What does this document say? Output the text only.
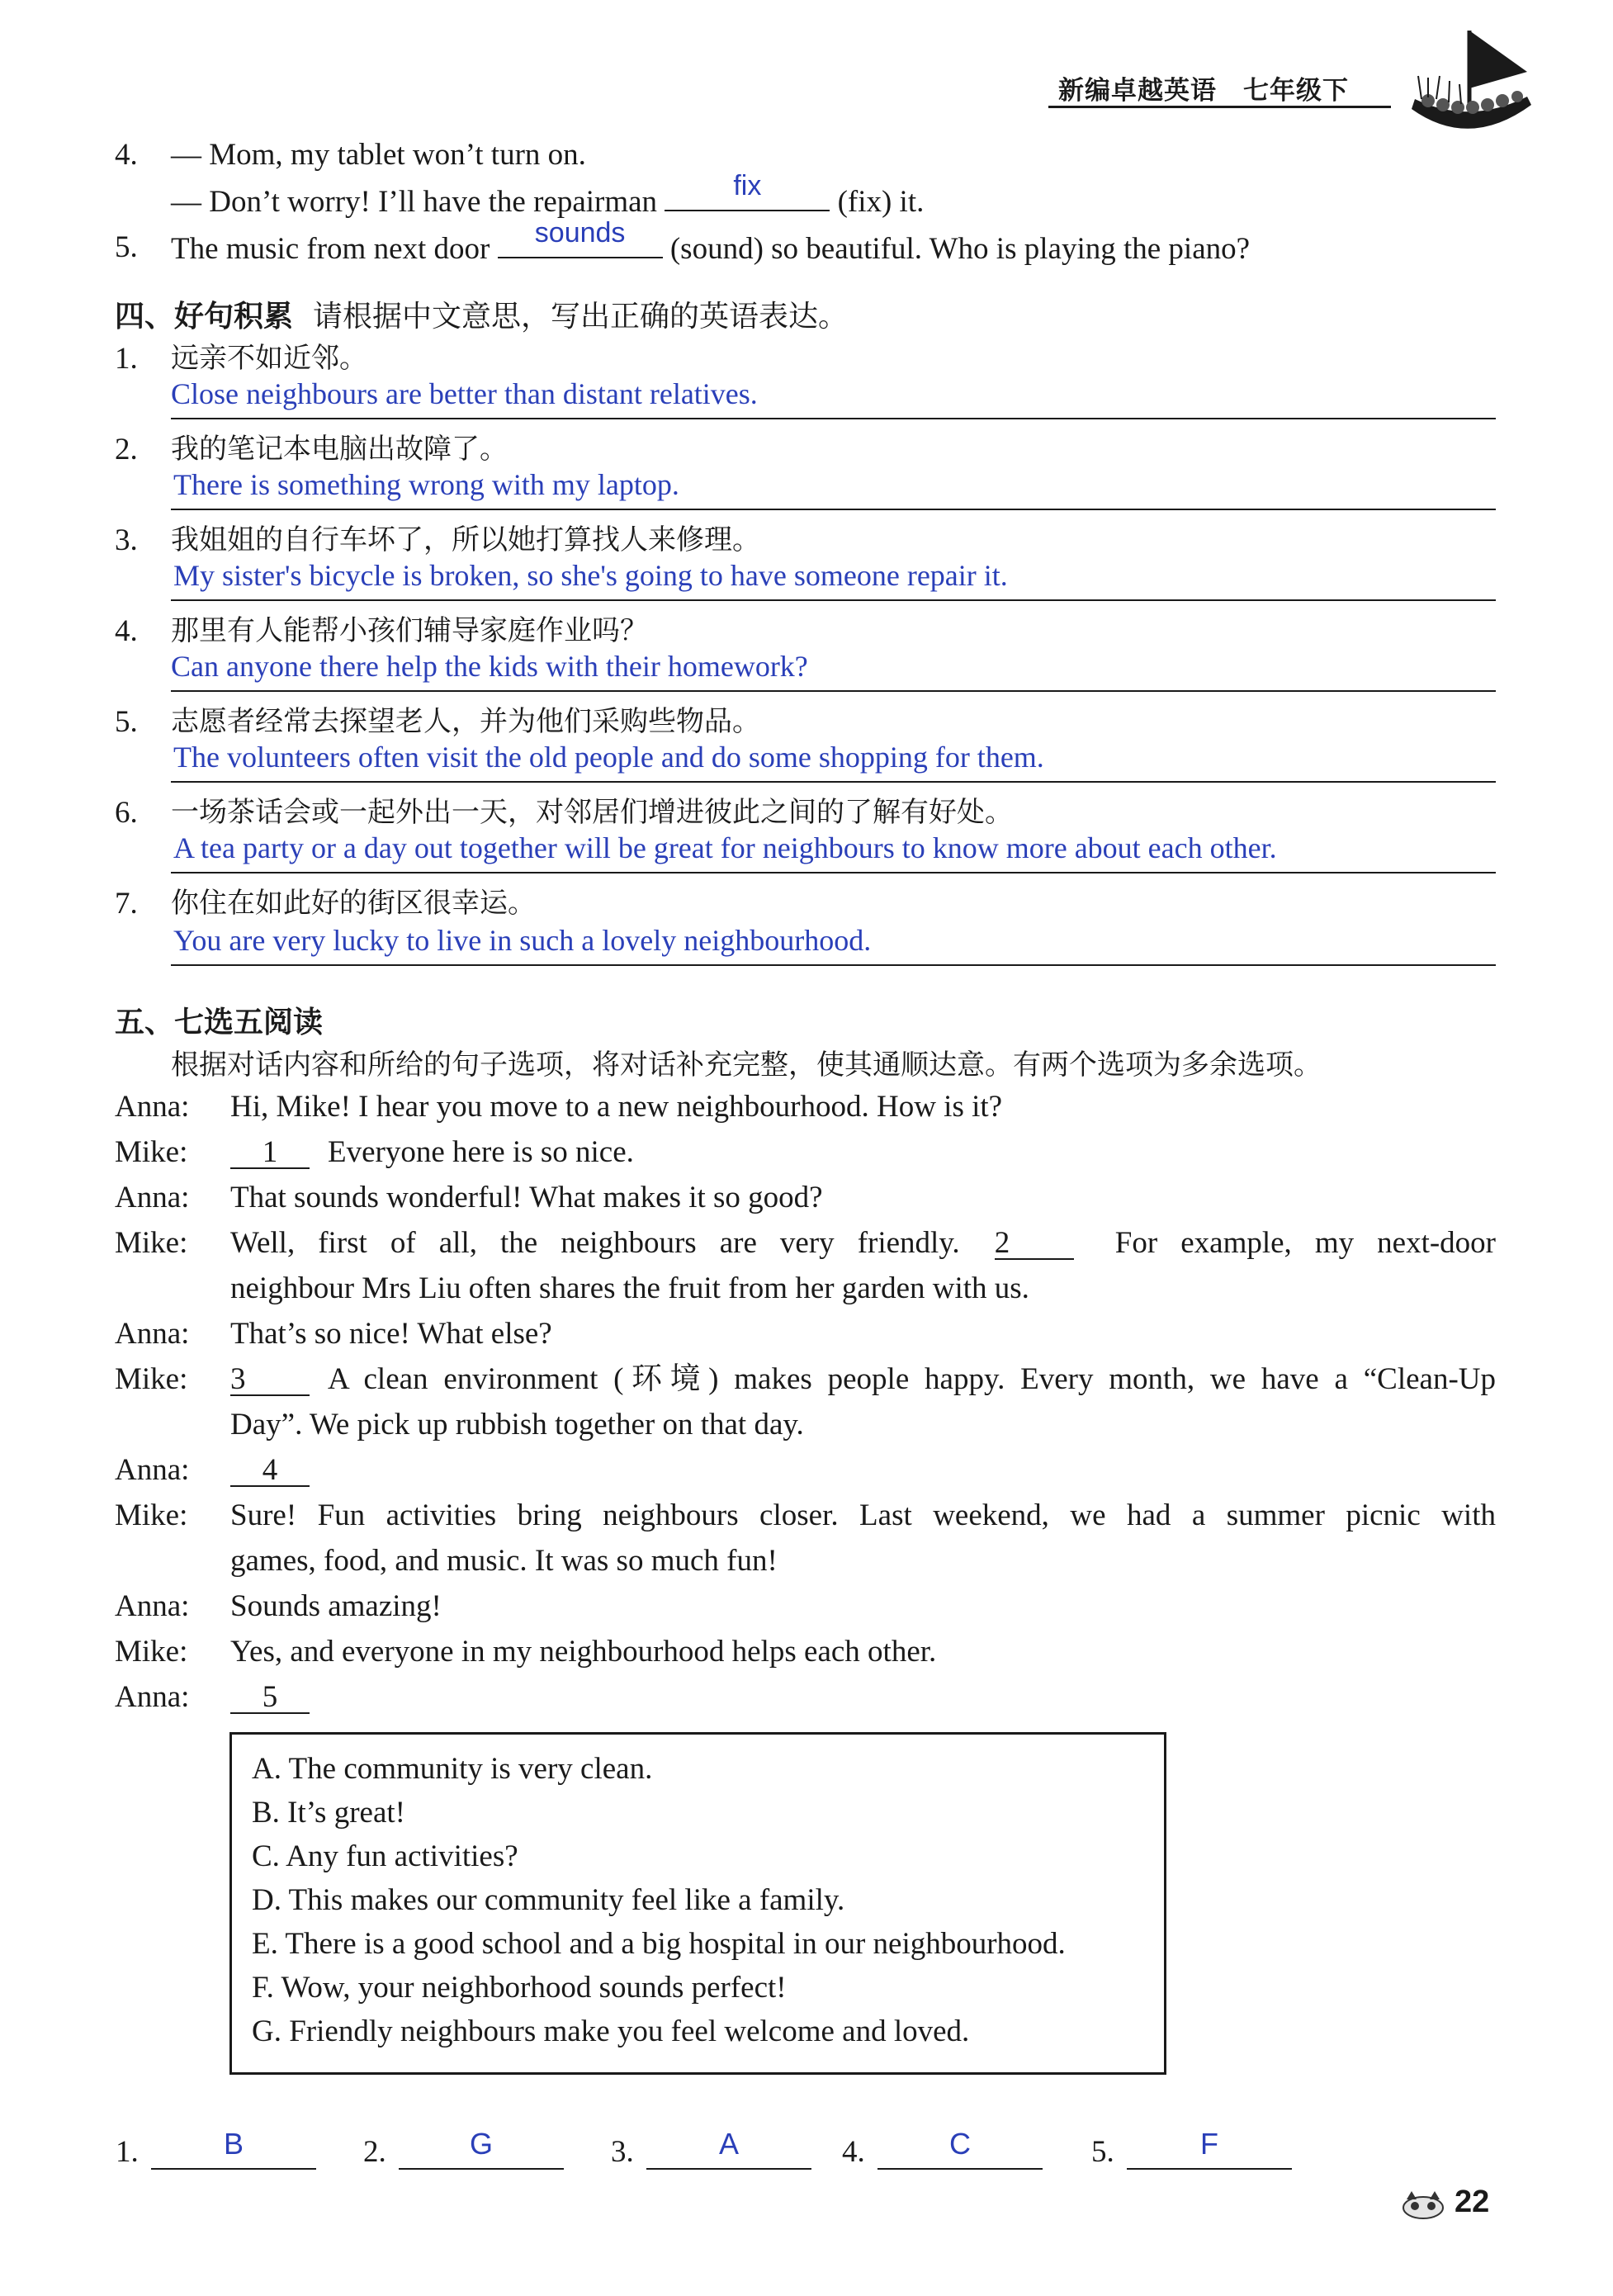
新编卓越英语　七年级下
4. — Mom, my tablet won’t turn on.
— Don’t worry! I’ll have the repairman	fix	(fix) it.
5. The music from next door	sounds	(sound) so beautiful. Who is playing the piano?
四、好句积累 请根据中文意思，写出正确的英语表达。
1. 远亲不如近邻。
Close neighbours are better than distant relatives.
2. 我的笔记本电脑出故障了。
There is something wrong with my laptop.
3. 我姐姐的自行车坏了，所以她打算找人来修理。
My sister's bicycle is broken, so she's going to have someone repair it.
4. 那里有人能帮小孩们辅导家庭作业吗？
Can anyone there help the kids with their homework?
5. 志愿者经常去探望老人，并为他们采购些物品。
The volunteers often visit the old people and do some shopping for them.
6. 一场茶话会或一起外出一天，对邻居们增进彼此之间的了解有好处。
A tea party or a day out together will be great for neighbours to know more about each other.
7. 你住在如此好的街区很幸运。
You are very lucky to live in such a lovely neighbourhood.
五、七选五阅读
根据对话内容和所给的句子选项，将对话补充完整，使其通顺达意。有两个选项为多余选项。
Anna: Hi, Mike! I hear you move to a new neighbourhood. How is it?
Mike:	1 Everyone here is so nice.
Anna: That sounds wonderful! What makes it so good?
Mike: Well, first of all, the neighbours are very friendly. 2	For example, my next-door
neighbour Mrs Liu often shares the fruit from her garden with us.
Anna: That’s so nice! What else?
Mike: 3	A clean environment (环境) makes people happy. Every month, we have a “Clean-Up
Day”. We pick up rubbish together on that day.
Anna:	4
Mike: Sure! Fun activities bring neighbours closer. Last weekend, we had a summer picnic with
games, food, and music. It was so much fun!
Anna: Sounds amazing!
Mike: Yes, and everyone in my neighbourhood helps each other.
Anna:	5
A. The community is very clean.
B. It’s great!
C. Any fun activities?
D. This makes our community feel like a family.
E. There is a good school and a big hospital in our neighbourhood.
F. Wow, your neighborhood sounds perfect!
G. Friendly neighbours make you feel welcome and loved.
1.	B	2.	G	3.	A	4.	C	5.	F
22
